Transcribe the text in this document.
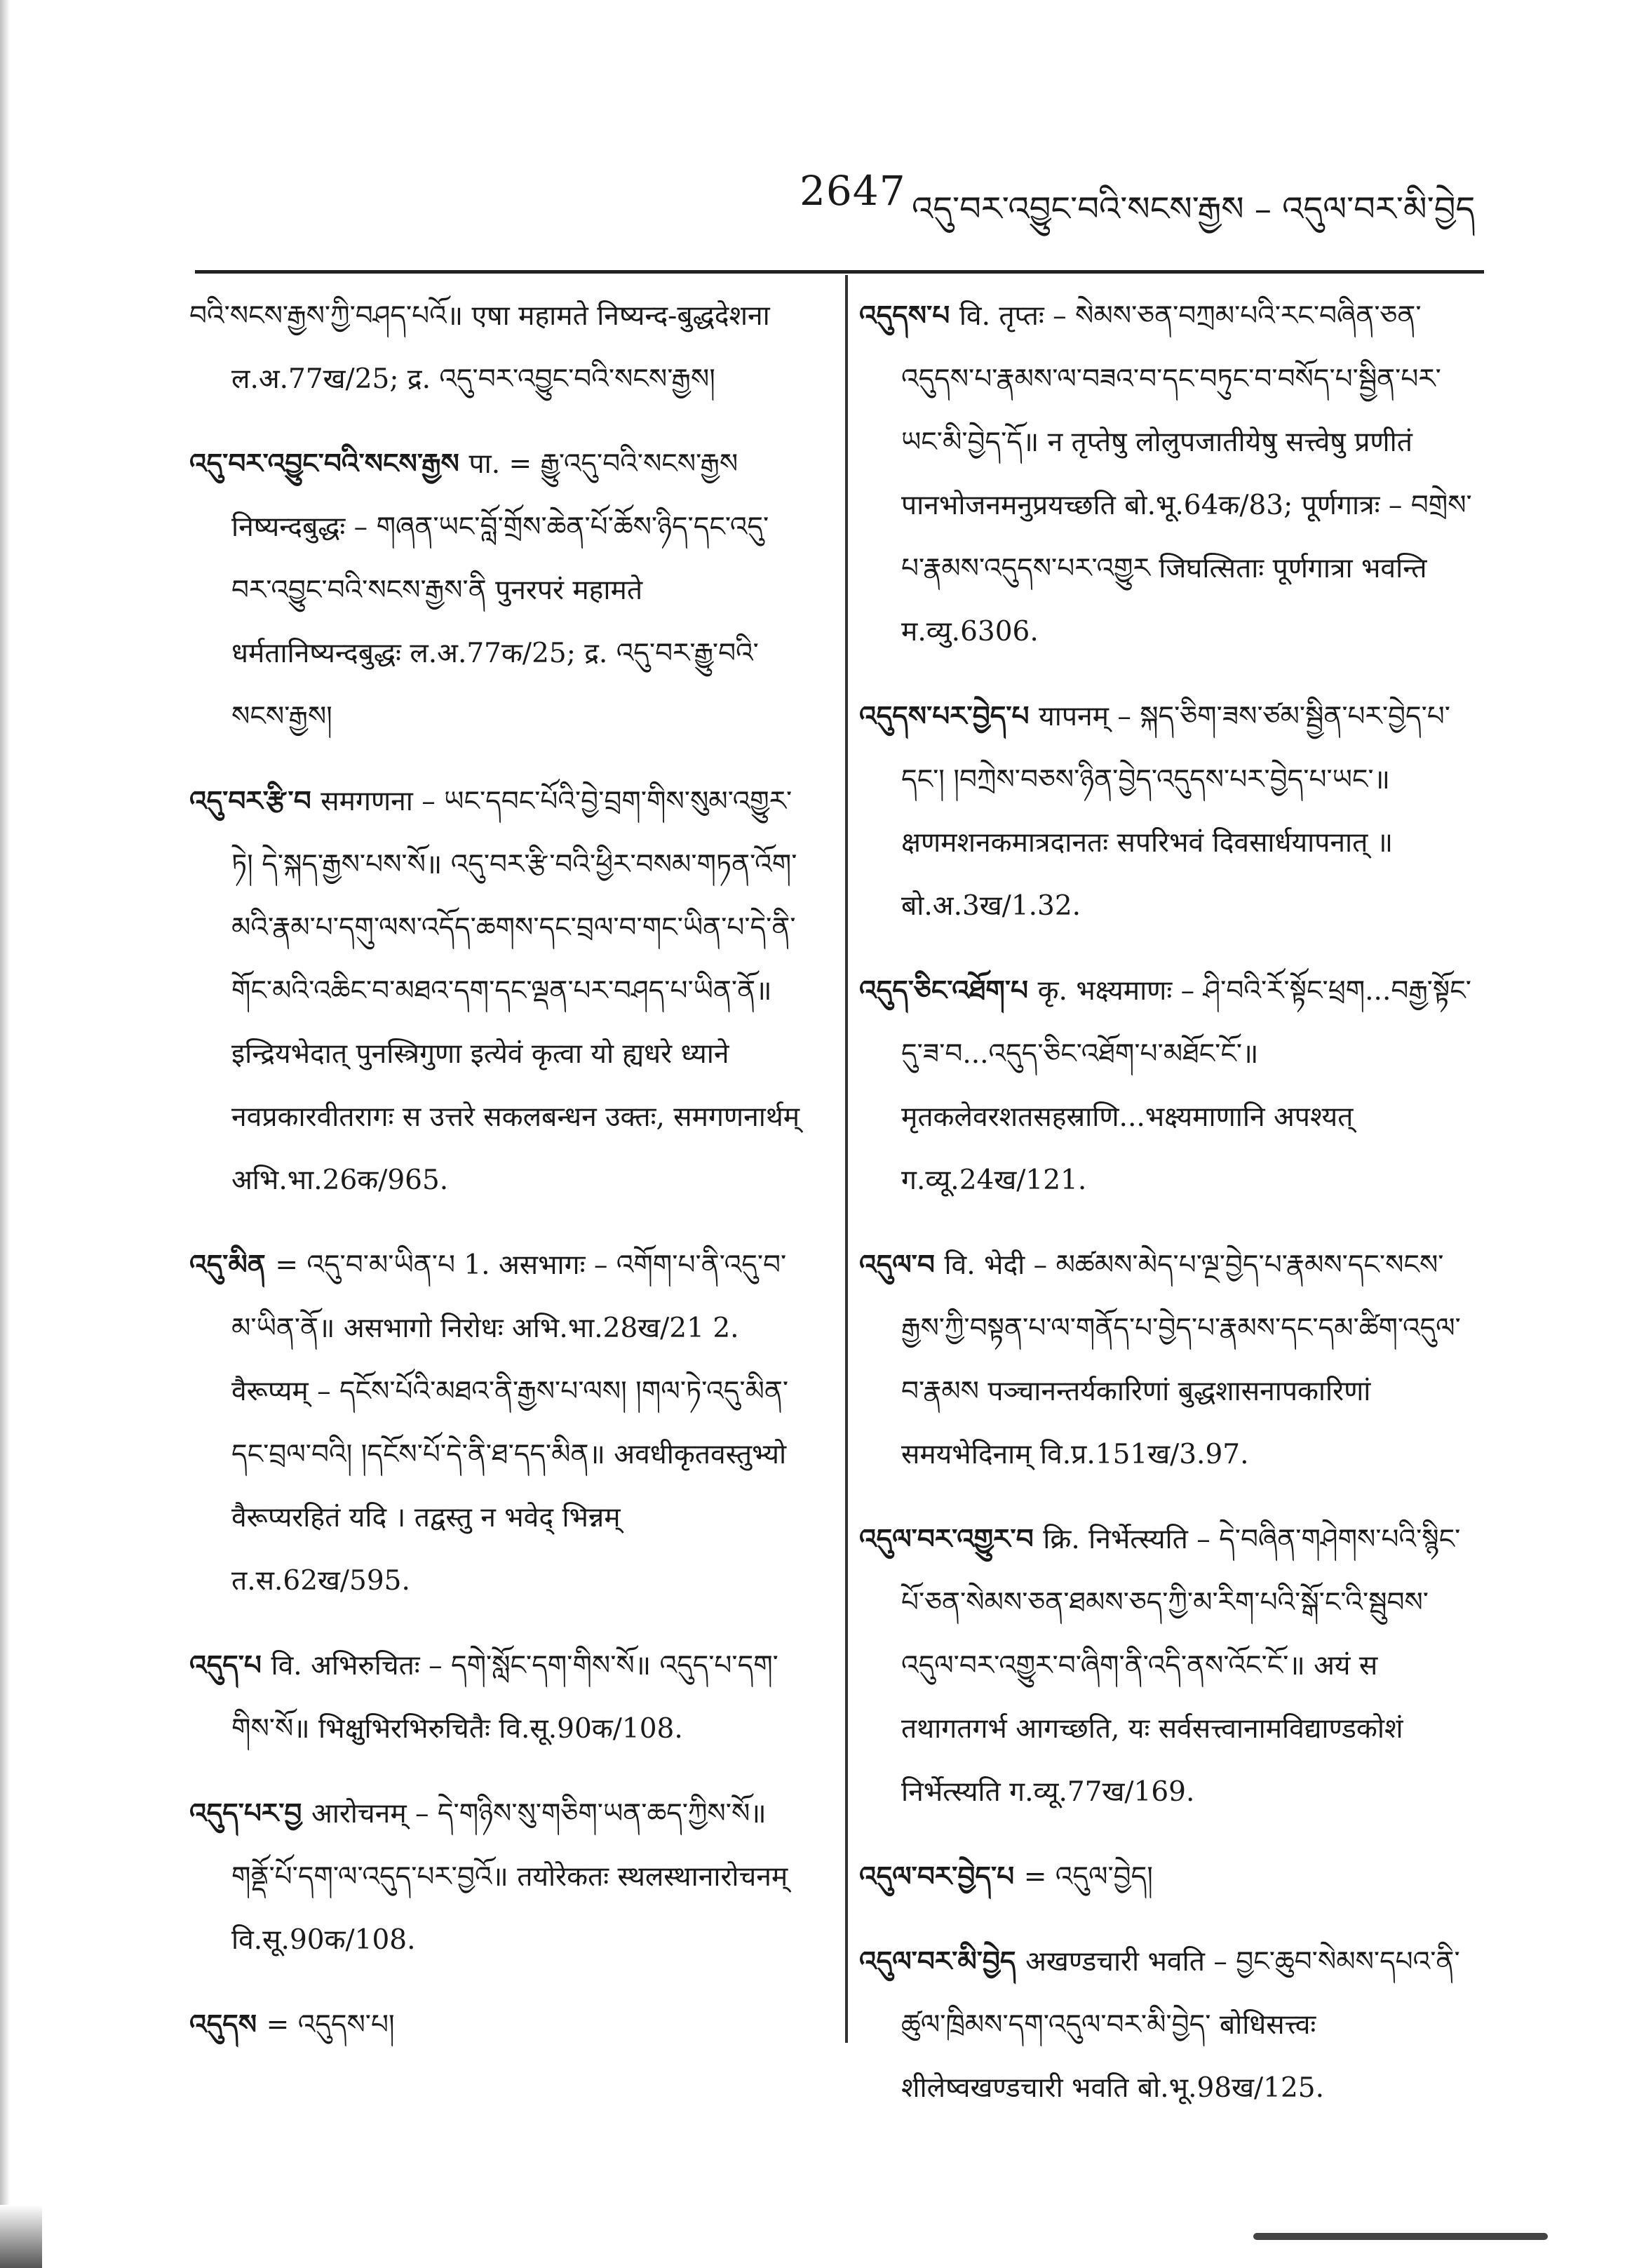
2647 འདུ་བར་འབྱུང་བའི་སངས་རྒྱས – འདུལ་བར་མི་བྱེད
བའི་སངས་རྒྱས་ཀྱི་བཤད་པའོ॥ एषा महामते निष्यन्द-बुद्धदेशना ल.अ.77ख/25; द्र. འདུ་བར་འབྱུང་བའི་སངས་རྒྱས།
འདུ་བར་འབྱུང་བའི་སངས་རྒྱས पा. = རྒྱུ་འདུ་བའི་སངས་རྒྱས निष्यन्दबुद्धः – གཞན་ཡང་བློ་གྲོས་ཆེན་པོ་ཆོས་ཉིད་དང་འདུ་བར་འབྱུང་བའི་སངས་རྒྱས་ནི पुनरपरं महामते धर्मतानिष्यन्दबुद्धः ल.अ.77क/25; द्र. འདུ་བར་རྒྱུ་བའི་སངས་རྒྱས།
འདུ་བར་རྩི་བ समगणना – ཡང་དབང་པོའི་བྱེ་བྲག་གིས་སུམ་འགྱུར་ཏེ། དེ་སྐད་རྒྱས་པས་སོ॥ འདུ་བར་རྩི་བའི་ཕྱིར་བསམ་གཏན་འོག་མའི་རྣམ་པ་དགུ་ལས་འདོད་ཆགས་དང་བྲལ་བ་གང་ཡིན་པ་དེ་ནི་གོང་མའི་འཆིང་བ་མཐའ་དག་དང་ལྡན་པར་བཤད་པ་ཡིན་ནོ॥ इन्द्रियभेदात् पुनस्त्रिगुणा इत्येवं कृत्वा यो ह्यधरे ध्याने नवप्रकारवीतरागः स उत्तरे सकलबन्धन उक्तः, समगणनार्थम् अभि.भा.26क/965.
འདུ་མིན = འདུ་བ་མ་ཡིན་པ 1. असभागः – འགོག་པ་ནི་འདུ་བ་མ་ཡིན་ནོ॥ असभागो निरोधः अभि.भा.28ख/21 2. वैरूप्यम् – དངོས་པོའི་མཐའ་ནི་རྒྱས་པ་ལས། །གལ་ཏེ་འདུ་མིན་དང་བྲལ་བའི། །དངོས་པོ་དེ་ནི་ཐ་དད་མིན॥ अवधीकृतवस्तुभ्यो वैरूप्यरहितं यदि । तद्वस्तु न भवेद् भिन्नम् त.स.62ख/595.
འདུད་པ वि. अभिरुचितः – དགེ་སློང་དག་གིས་སོ॥ འདུད་པ་དག་གིས་སོ॥ भिक्षुभिरभिरुचितैः वि.सू.90क/108.
འདུད་པར་བྱ आरोचनम् – དེ་གཉིས་སུ་གཅིག་ཡན་ཆད་ཀྱིས་སོ॥ གནྡོ་པོ་དག་ལ་འདུད་པར་བྱའོ॥ तयोरेकतः स्थलस्थानारोचनम् वि.सू.90क/108.
འདུདས = འདུདས་པ།
འདུདས་པ वि. तृप्तः – སེམས་ཅན་བཀྲམ་པའི་རང་བཞིན་ཅན་འདུདས་པ་རྣམས་ལ་བཟའ་བ་དང་བཏུང་བ་བསོད་པ་སྦྱིན་པར་ཡང་མི་བྱེད་དོ॥ न तृप्तेषु लोलुपजातीयेषु सत्त्वेषु प्रणीतं पानभोजनमनुप्रयच्छति बो.भू.64क/83; पूर्णगात्रः – བགྲེས་པ་རྣམས་འདུདས་པར་འགྱུར जिघत्सिताः पूर्णगात्रा भवन्ति म.व्यु.6306.
འདུདས་པར་བྱེད་པ यापनम् – སྐད་ཅིག་ཟས་ཙམ་སྦྱིན་པར་བྱེད་པ་དང་། །བཀྲེས་བཅས་ཉིན་བྱེད་འདུདས་པར་བྱེད་པ་ཡང་॥ क्षणमशनकमात्रदानतः सपरिभवं दिवसार्धयापनात् ॥ बो.अ.3ख/1.32.
འདུད་ཅིང་འཐོག་པ कृ. भक्ष्यमाणः – ཤི་བའི་རོ་སྟོང་ཕྲག...བརྒྱ་སྟོང་དུ་ཟ་བ...འདུད་ཅིང་འཐོག་པ་མཐོང་ངོ་॥ मृतकलेवरशतसहस्राणि...भक्ष्यमाणानि अपश्यत् ग.व्यू.24ख/121.
འདུལ་བ वि. भेदी – མཚམས་མེད་པ་ལྔ་བྱེད་པ་རྣམས་དང་སངས་རྒྱས་ཀྱི་བསྟན་པ་ལ་གནོད་པ་བྱེད་པ་རྣམས་དང་དམ་ཚིག་འདུལ་བ་རྣམས पञ्चानन्तर्यकारिणां बुद्धशासनापकारिणां समयभेदिनाम् वि.प्र.151ख/3.97.
འདུལ་བར་འགྱུར་བ क्रि. निर्भेत्स्यति – དེ་བཞིན་གཤེགས་པའི་སྙིང་པོ་ཅན་སེམས་ཅན་ཐམས་ཅད་ཀྱི་མ་རིག་པའི་སྒོ་ང་འི་སྦུབས་འདུལ་བར་འགྱུར་བ་ཞིག་ནི་འདི་ནས་འོང་ངོ་॥ अयं स तथागतगर्भ आगच्छति, यः सर्वसत्त्वानामविद्याण्डकोशं निर्भेत्स्यति ग.व्यू.77ख/169.
འདུལ་བར་བྱེད་པ = འདུལ་བྱེད།
འདུལ་བར་མི་བྱེད अखण्डचारी भवति – བྱང་ཆུབ་སེམས་དཔའ་ནི་ཚུལ་ཁྲིམས་དག་འདུལ་བར་མི་བྱེད་ बोधिसत्त्वः शीलेष्वखण्डचारी भवति बो.भू.98ख/125.
